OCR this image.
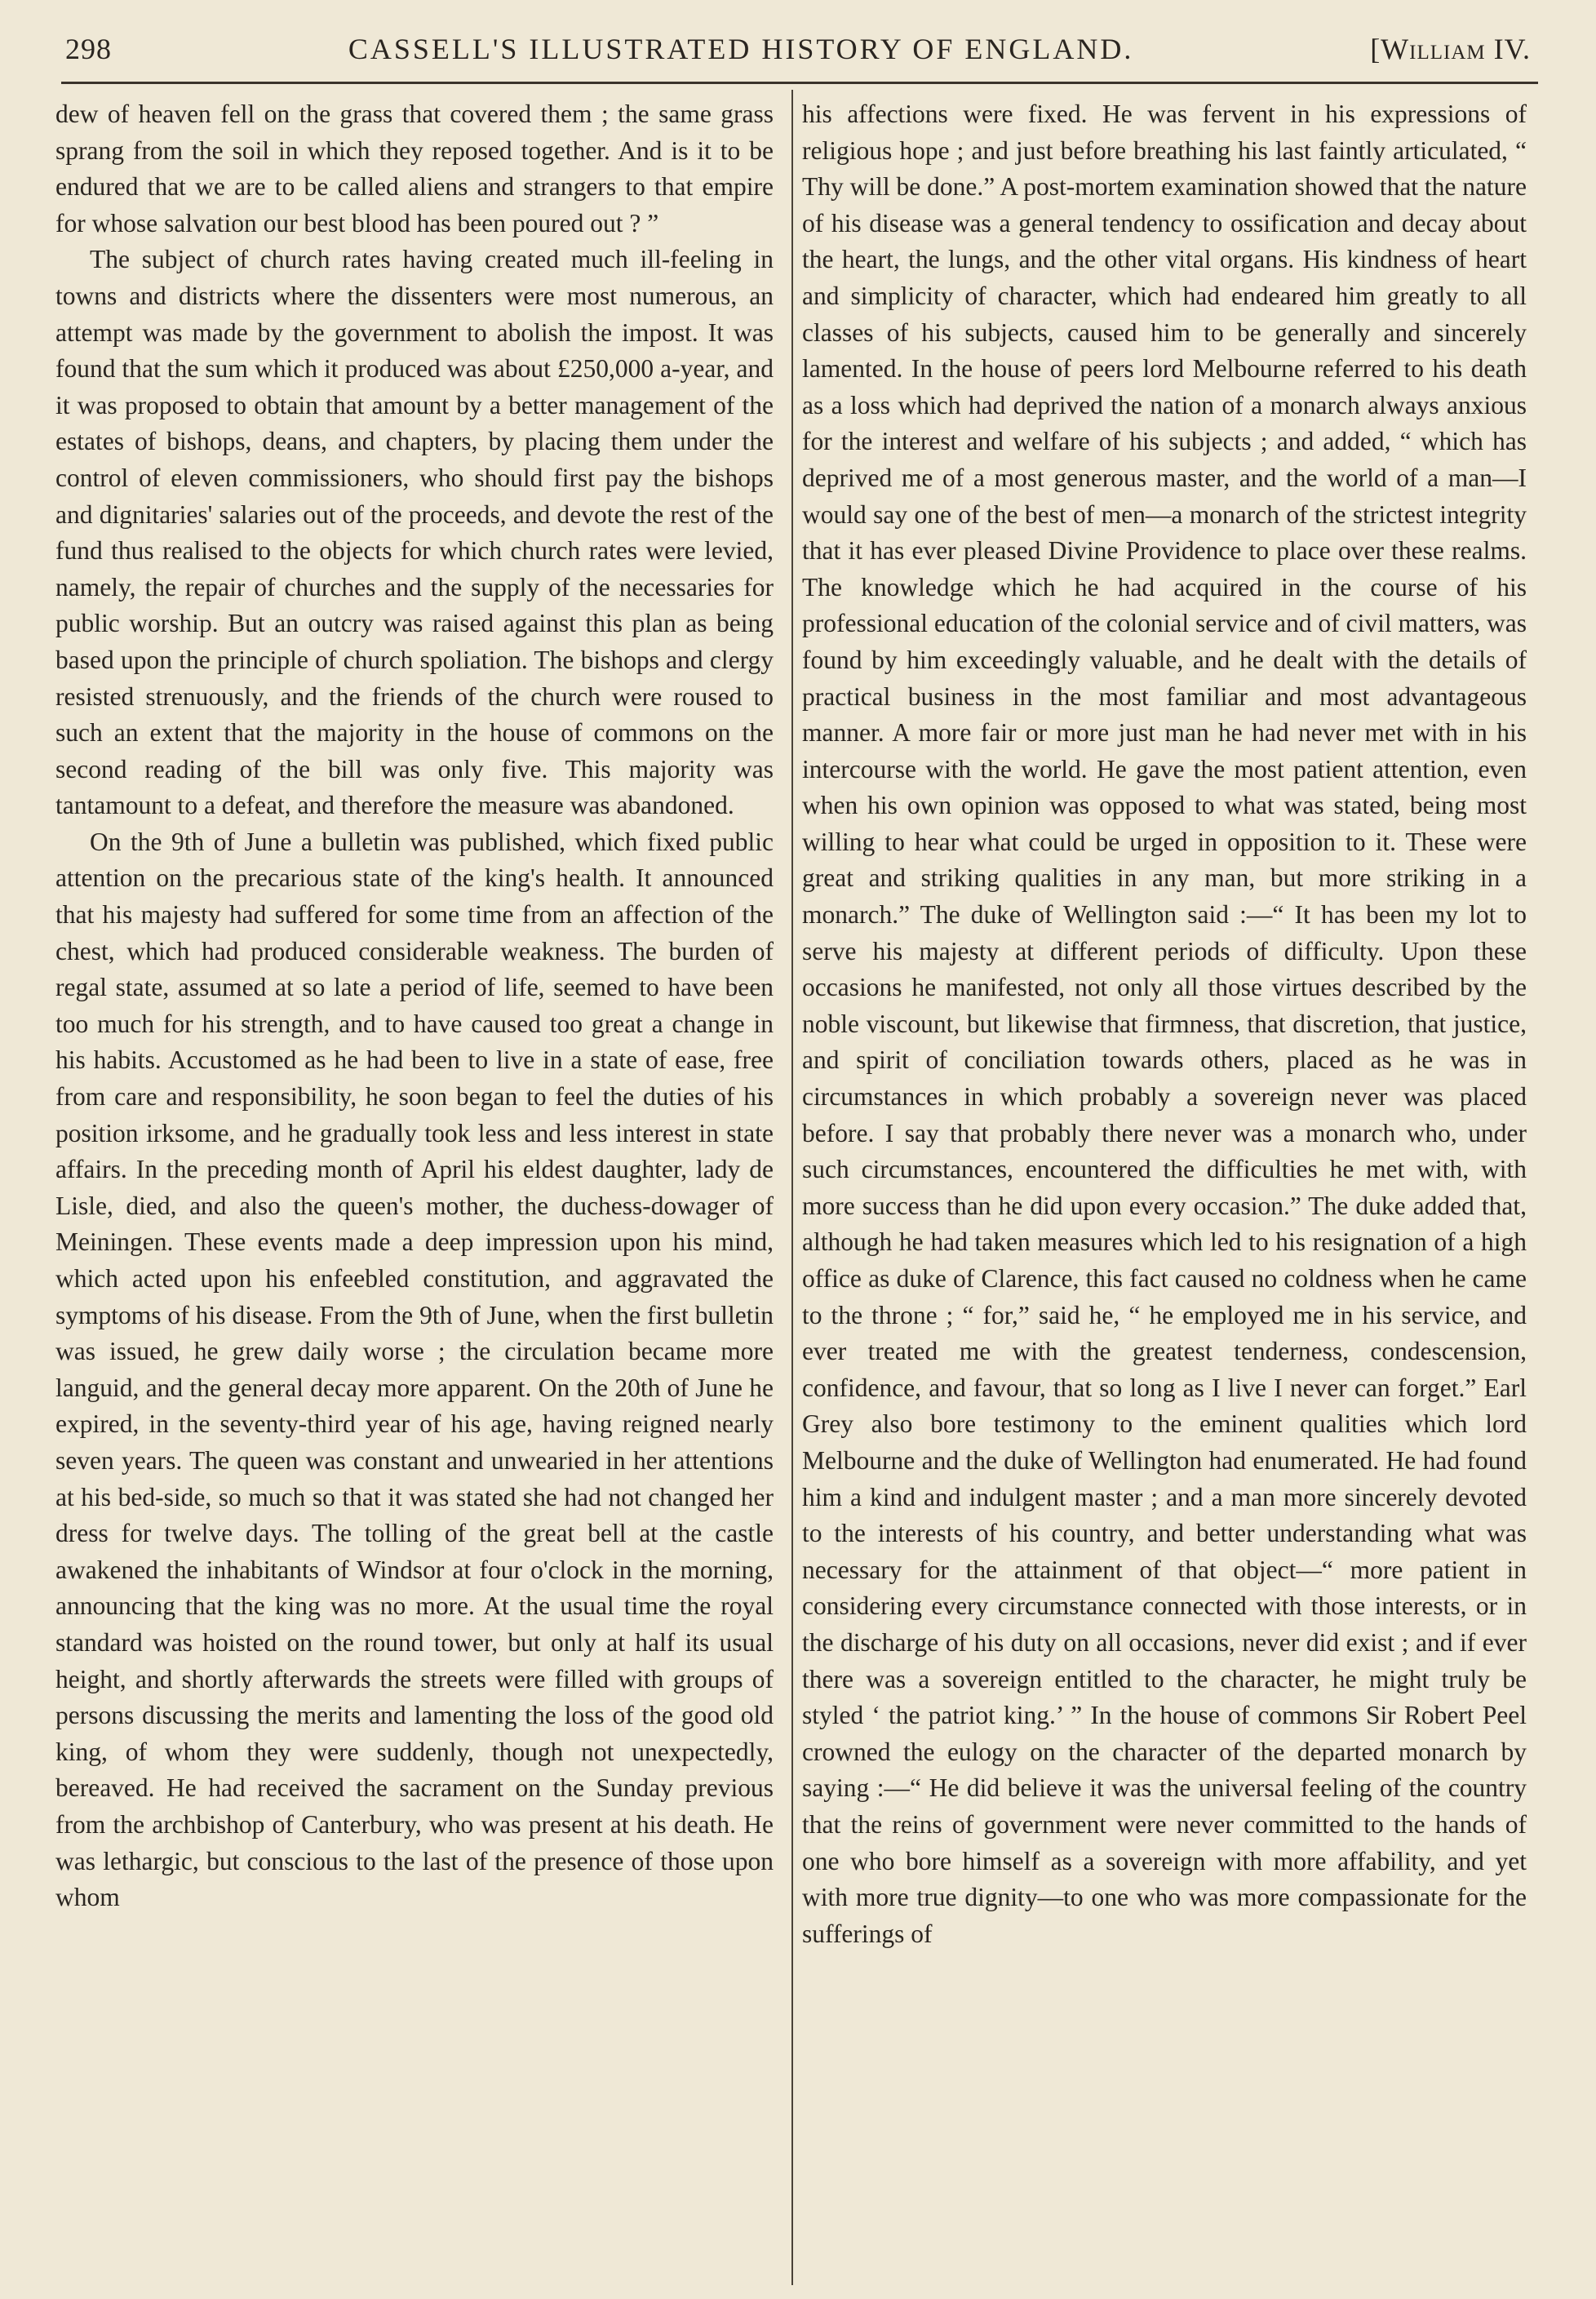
298	CASSELL'S ILLUSTRATED HISTORY OF ENGLAND.	[William IV.

dew of heaven fell on the grass that covered them ; the same grass sprang from the soil in which they reposed together. And is it to be endured that we are to be called aliens and strangers to that empire for whose salvation our best blood has been poured out ? ”

The subject of church rates having created much ill-feeling in towns and districts where the dissenters were most numerous, an attempt was made by the government to abolish the impost. It was found that the sum which it produced was about £250,000 a-year, and it was proposed to obtain that amount by a better management of the estates of bishops, deans, and chapters, by placing them under the control of eleven commissioners, who should first pay the bishops and dignitaries' salaries out of the proceeds, and devote the rest of the fund thus realised to the objects for which church rates were levied, namely, the repair of churches and the supply of the necessaries for public worship. But an outcry was raised against this plan as being based upon the principle of church spoliation. The bishops and clergy resisted strenuously, and the friends of the church were roused to such an extent that the majority in the house of commons on the second reading of the bill was only five. This majority was tantamount to a defeat, and therefore the measure was abandoned.

On the 9th of June a bulletin was published, which fixed public attention on the precarious state of the king's health. It announced that his majesty had suffered for some time from an affection of the chest, which had produced considerable weakness. The burden of regal state, assumed at so late a period of life, seemed to have been too much for his strength, and to have caused too great a change in his habits. Accustomed as he had been to live in a state of ease, free from care and responsibility, he soon began to feel the duties of his position irksome, and he gradually took less and less interest in state affairs. In the preceding month of April his eldest daughter, lady de Lisle, died, and also the queen's mother, the duchess-dowager of Meiningen. These events made a deep impression upon his mind, which acted upon his enfeebled constitution, and aggravated the symptoms of his disease. From the 9th of June, when the first bulletin was issued, he grew daily worse ; the circulation became more languid, and the general decay more apparent. On the 20th of June he expired, in the seventy-third year of his age, having reigned nearly seven years. The queen was constant and unwearied in her attentions at his bed-side, so much so that it was stated she had not changed her dress for twelve days. The tolling of the great bell at the castle awakened the inhabitants of Windsor at four o'clock in the morning, announcing that the king was no more. At the usual time the royal standard was hoisted on the round tower, but only at half its usual height, and shortly afterwards the streets were filled with groups of persons discussing the merits and lamenting the loss of the good old king, of whom they were suddenly, though not unexpectedly, bereaved. He had received the sacrament on the Sunday previous from the archbishop of Canterbury, who was present at his death. He was lethargic, but conscious to the last of the presence of those upon whom

his affections were fixed. He was fervent in his expressions of religious hope ; and just before breathing his last faintly articulated, “ Thy will be done.” A post-mortem examination showed that the nature of his disease was a general tendency to ossification and decay about the heart, the lungs, and the other vital organs. His kindness of heart and simplicity of character, which had endeared him greatly to all classes of his subjects, caused him to be generally and sincerely lamented. In the house of peers lord Melbourne referred to his death as a loss which had deprived the nation of a monarch always anxious for the interest and welfare of his subjects ; and added, “ which has deprived me of a most generous master, and the world of a man—I would say one of the best of men—a monarch of the strictest integrity that it has ever pleased Divine Providence to place over these realms. The knowledge which he had acquired in the course of his professional education of the colonial service and of civil matters, was found by him exceedingly valuable, and he dealt with the details of practical business in the most familiar and most advantageous manner. A more fair or more just man he had never met with in his intercourse with the world. He gave the most patient attention, even when his own opinion was opposed to what was stated, being most willing to hear what could be urged in opposition to it. These were great and striking qualities in any man, but more striking in a monarch.” The duke of Wellington said :—“ It has been my lot to serve his majesty at different periods of difficulty. Upon these occasions he manifested, not only all those virtues described by the noble viscount, but likewise that firmness, that discretion, that justice, and spirit of conciliation towards others, placed as he was in circumstances in which probably a sovereign never was placed before. I say that probably there never was a monarch who, under such circumstances, encountered the difficulties he met with, with more success than he did upon every occasion.” The duke added that, although he had taken measures which led to his resignation of a high office as duke of Clarence, this fact caused no coldness when he came to the throne ; “ for,” said he, “ he employed me in his service, and ever treated me with the greatest tenderness, condescension, confidence, and favour, that so long as I live I never can forget.” Earl Grey also bore testimony to the eminent qualities which lord Melbourne and the duke of Wellington had enumerated. He had found him a kind and indulgent master ; and a man more sincerely devoted to the interests of his country, and better understanding what was necessary for the attainment of that object—“ more patient in considering every circumstance connected with those interests, or in the discharge of his duty on all occasions, never did exist ; and if ever there was a sovereign entitled to the character, he might truly be styled ‘ the patriot king.’ ” In the house of commons Sir Robert Peel crowned the eulogy on the character of the departed monarch by saying :—“ He did believe it was the universal feeling of the country that the reins of government were never committed to the hands of one who bore himself as a sovereign with more affability, and yet with more true dignity—to one who was more compassionate for the sufferings of
